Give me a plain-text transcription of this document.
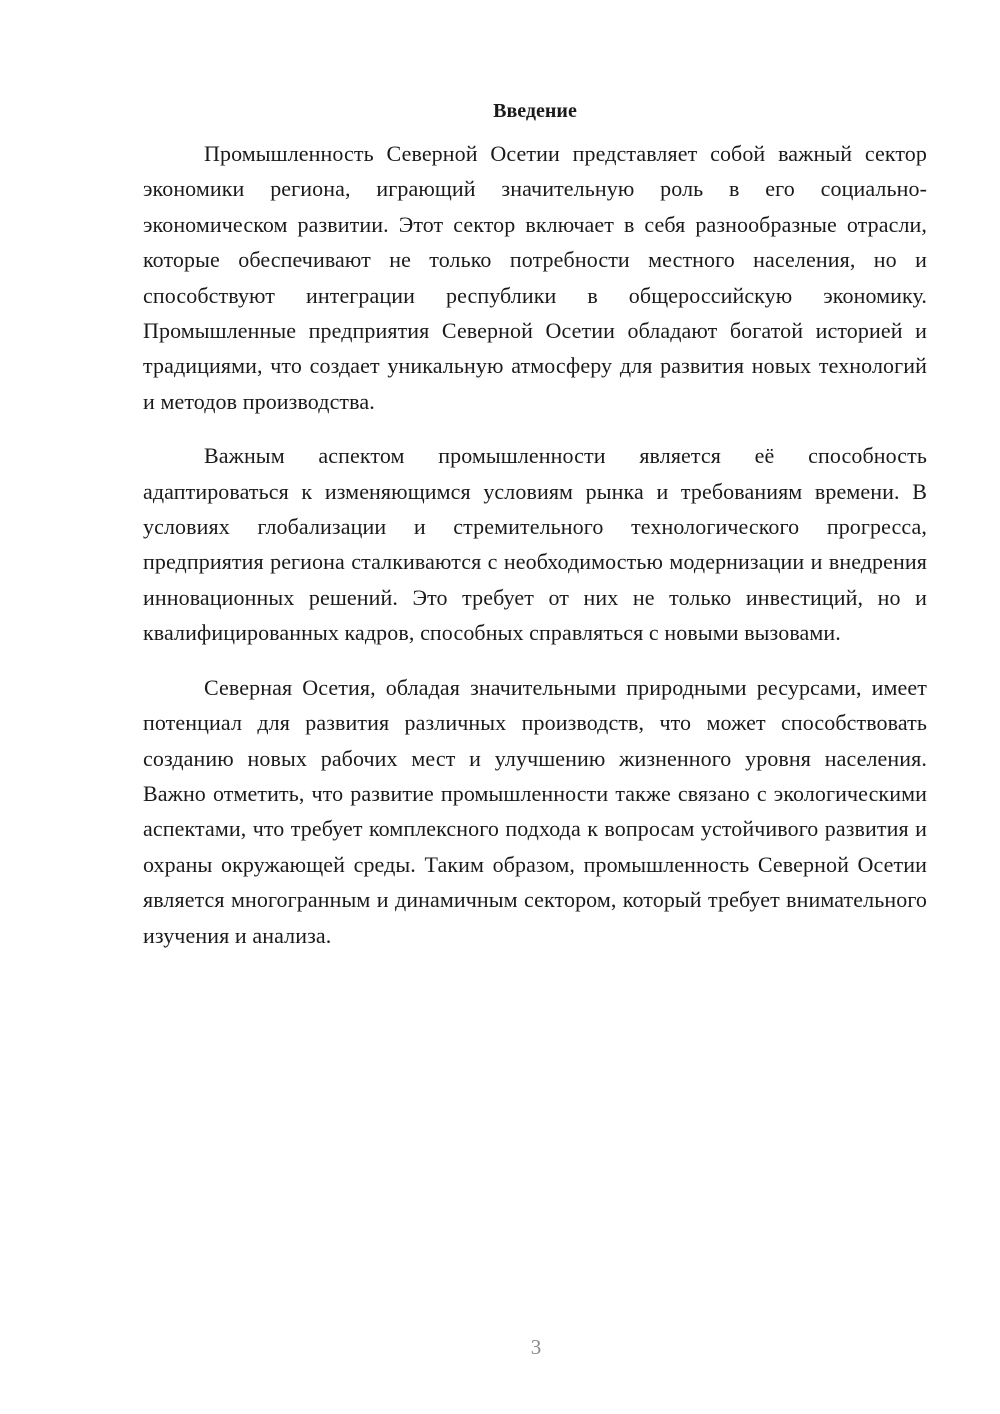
Введение

Промышленность Северной Осетии представляет собой важный сектор экономики региона, играющий значительную роль в его социально-экономическом развитии. Этот сектор включает в себя разнообразные отрасли, которые обеспечивают не только потребности местного населения, но и способствуют интеграции республики в общероссийскую экономику. Промышленные предприятия Северной Осетии обладают богатой историей и традициями, что создает уникальную атмосферу для развития новых технологий и методов производства.

Важным аспектом промышленности является её способность адаптироваться к изменяющимся условиям рынка и требованиям времени. В условиях глобализации и стремительного технологического прогресса, предприятия региона сталкиваются с необходимостью модернизации и внедрения инновационных решений. Это требует от них не только инвестиций, но и квалифицированных кадров, способных справляться с новыми вызовами.

Северная Осетия, обладая значительными природными ресурсами, имеет потенциал для развития различных производств, что может способствовать созданию новых рабочих мест и улучшению жизненного уровня населения. Важно отметить, что развитие промышленности также связано с экологическими аспектами, что требует комплексного подхода к вопросам устойчивого развития и охраны окружающей среды. Таким образом, промышленность Северной Осетии является многогранным и динамичным сектором, который требует внимательного изучения и анализа.

3
